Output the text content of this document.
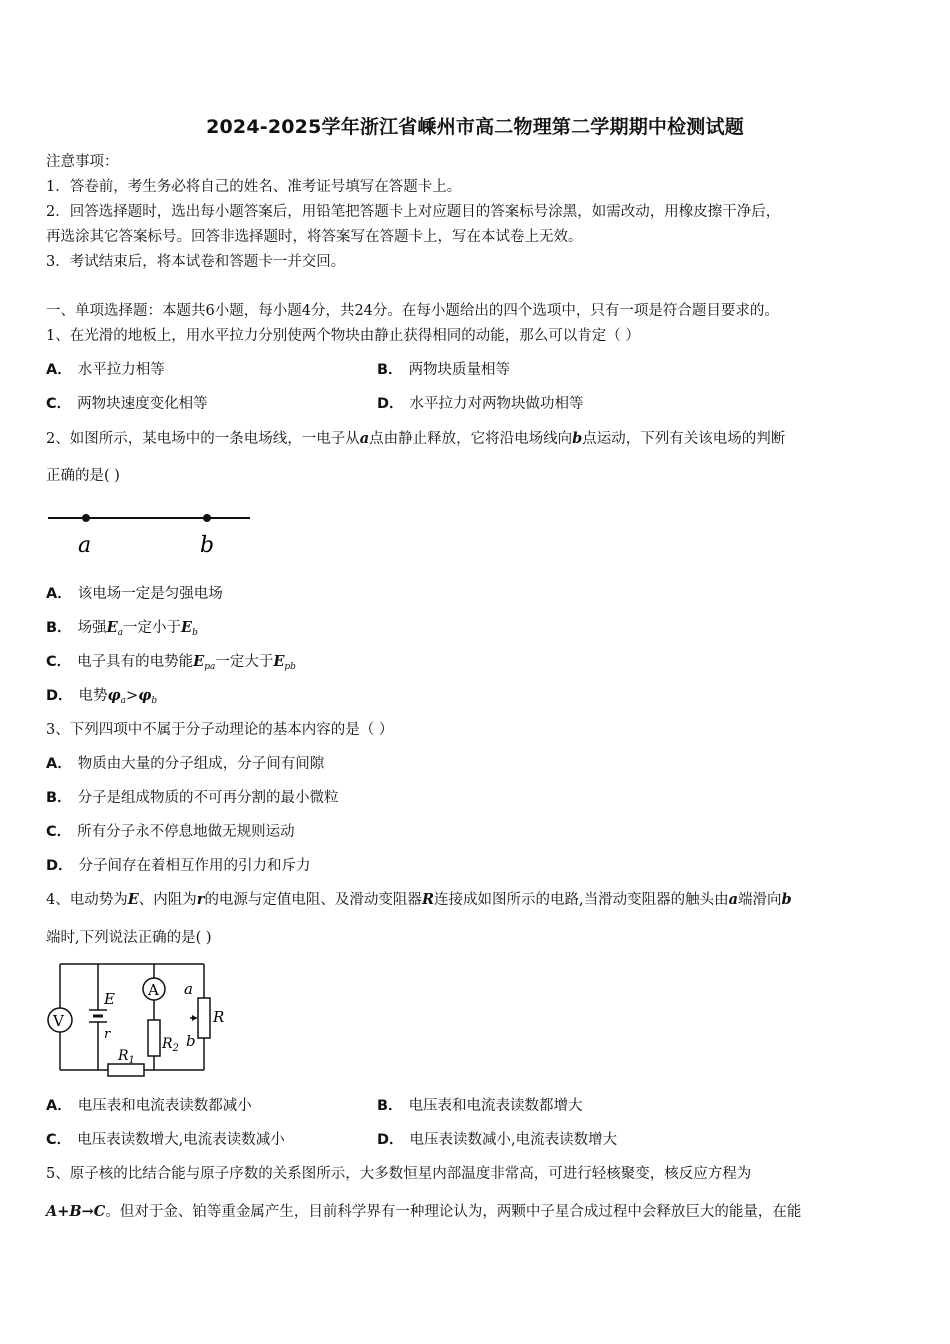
2024-2025学年浙江省嵊州市高二物理第二学期期中检测试题
注意事项：
1．答卷前，考生务必将自己的姓名、准考证号填写在答题卡上。
2．回答选择题时，选出每小题答案后，用铅笔把答题卡上对应题目的答案标号涂黑，如需改动，用橡皮擦干净后，
再选涂其它答案标号。回答非选择题时，将答案写在答题卡上，写在本试卷上无效。
3．考试结束后，将本试卷和答题卡一并交回。
一、单项选择题：本题共6小题，每小题4分，共24分。在每小题给出的四个选项中，只有一项是符合题目要求的。
1、在光滑的地板上，用水平拉力分别使两个物块由静止获得相同的动能，那么可以肯定（ ）
A． 水平拉力相等	B． 两物块质量相等
C． 两物块速度变化相等	D． 水平拉力对两物块做功相等
2、如图所示，某电场中的一条电场线，一电子从a点由静止释放，它将沿电场线向b点运动，下列有关该电场的判断
正确的是( )
a	b
A． 该电场一定是匀强电场
B． 场强$E_a$一定小于$E_b$
C． 电子具有的电势能$E_{pa}$一定大于$E_{pb}$
D． 电势$\varphi_a>\varphi_b$
3、下列四项中不属于分子动理论的基本内容的是（ ）
A． 物质由大量的分子组成，分子间有间隙
B． 分子是组成物质的不可再分割的最小微粒
C． 所有分子永不停息地做无规则运动
D． 分子间存在着相互作用的引力和斥力
4、电动势为E、内阻为r的电源与定值电阻、及滑动变阻器R连接成如图所示的电路,当滑动变阻器的触头由a端滑向b
端时,下列说法正确的是( )
V
E
r
A
$R_2$
a
b
R
$R_1$
A． 电压表和电流表读数都减小	B． 电压表和电流表读数都增大
C． 电压表读数增大,电流表读数减小	D． 电压表读数减小,电流表读数增大
5、原子核的比结合能与原子序数的关系图所示，大多数恒星内部温度非常高，可进行轻核聚变，核反应方程为
A+B→C。但对于金、铂等重金属产生，目前科学界有一种理论认为，两颗中子星合成过程中会释放巨大的能量，在能
